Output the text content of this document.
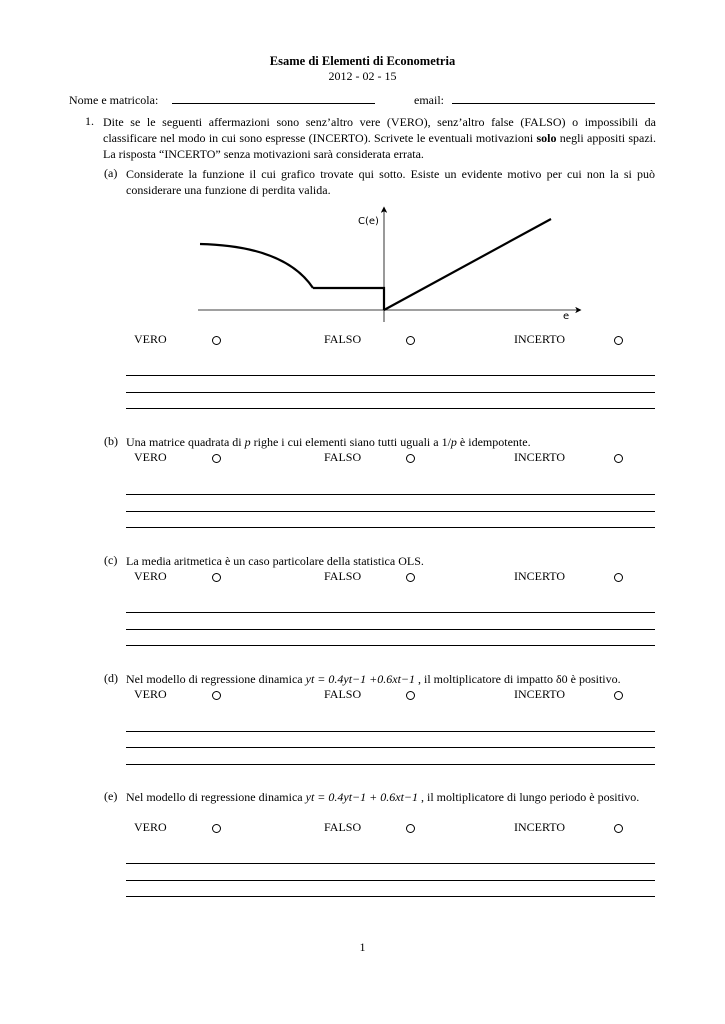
Esame di Elementi di Econometria
2012 - 02 - 15
Nome e matricola:	email:
1. Dite se le seguenti affermazioni sono senz’altro vere (VERO), senz’altro false (FALSO) o impossibili da classificare nel modo in cui sono espresse (INCERTO). Scrivete le eventuali motivazioni solo negli appositi spazi. La risposta “INCERTO” senza motivazioni sarà considerata errata.
(a) Considerate la funzione il cui grafico trovate qui sotto. Esiste un evidente motivo per cui non la si può considerare una funzione di perdita valida.
C(e)
e
VERO	FALSO	INCERTO
(b) Una matrice quadrata di p righe i cui elementi siano tutti uguali a 1/p è idempotente.
VERO	FALSO	INCERTO
(c) La media aritmetica è un caso particolare della statistica OLS.
VERO	FALSO	INCERTO
(d) Nel modello di regressione dinamica yt = 0.4yt−1 +0.6xt−1 , il moltiplicatore di impatto δ0 è positivo.
VERO	FALSO	INCERTO
(e) Nel modello di regressione dinamica yt = 0.4yt−1 + 0.6xt−1 , il moltiplicatore di lungo periodo è positivo.
VERO	FALSO	INCERTO
1
